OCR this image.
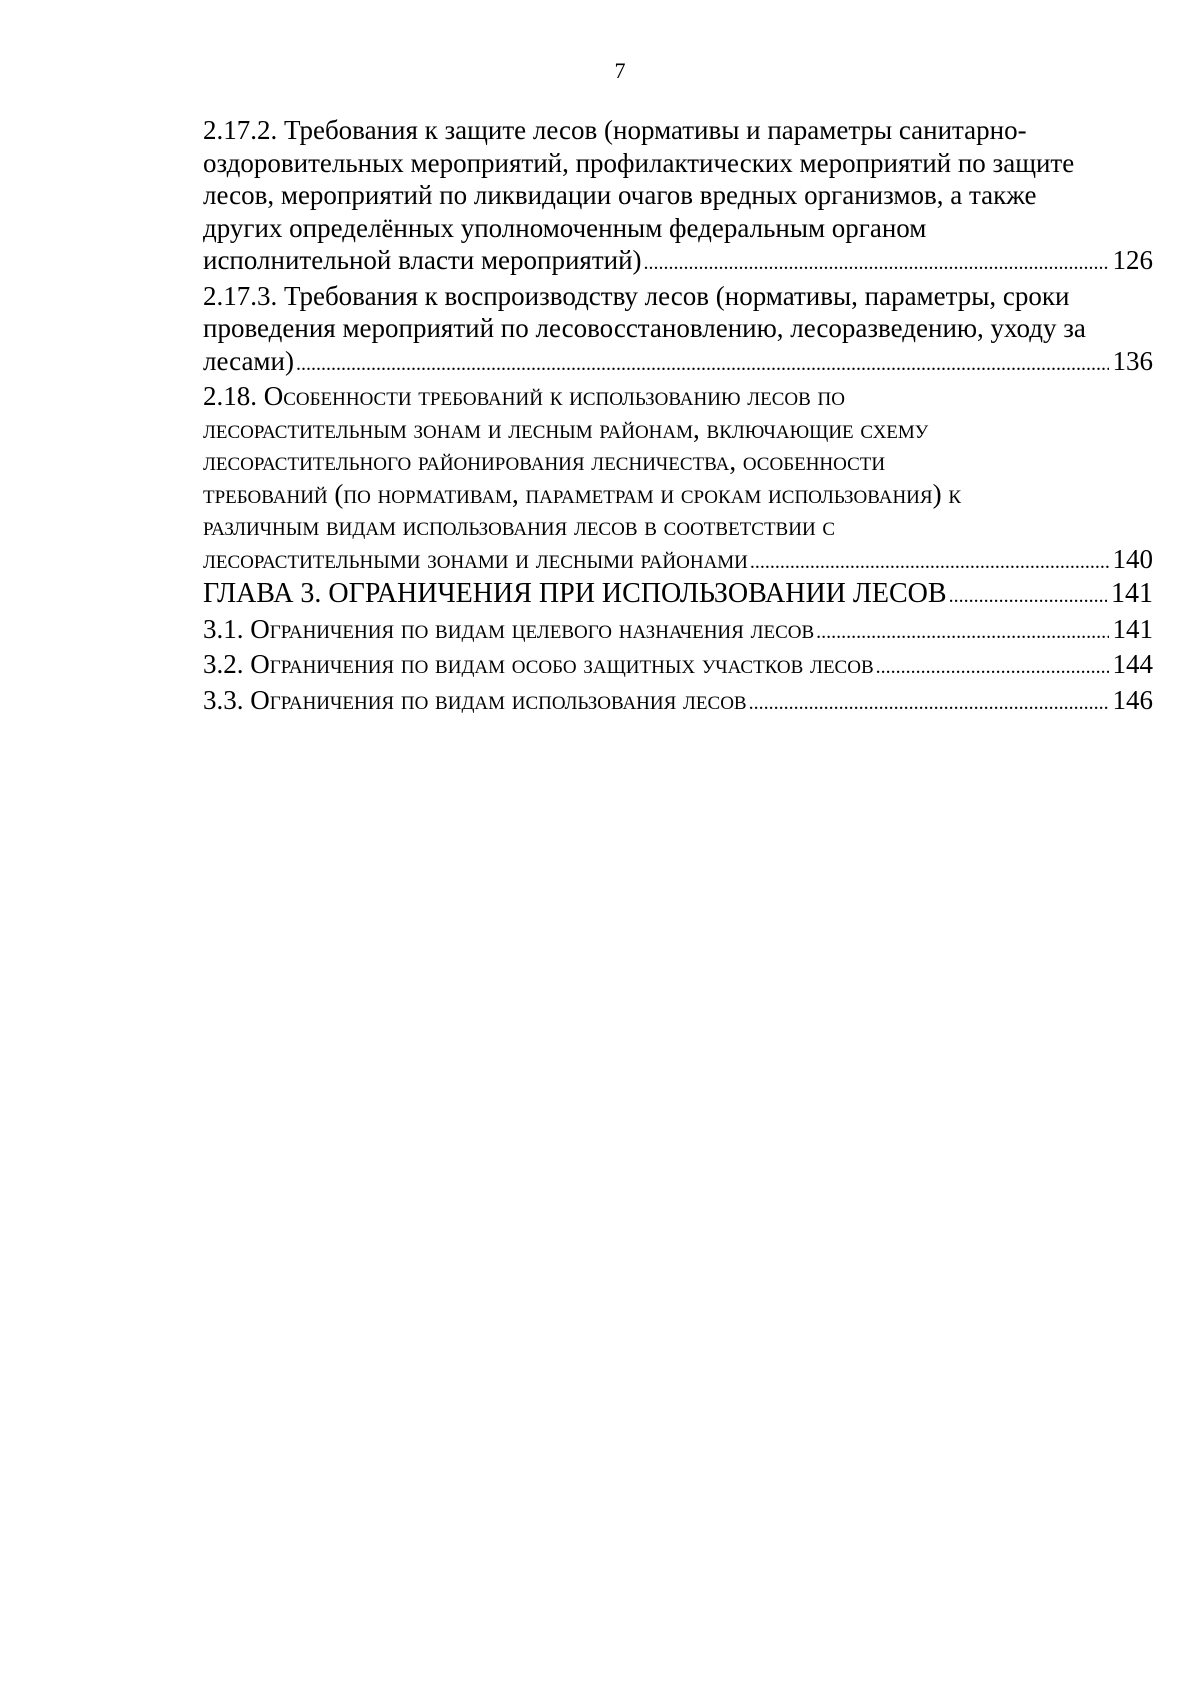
7
2.17.2. Требования к защите лесов (нормативы и параметры санитарно-
оздоровительных мероприятий, профилактических мероприятий по защите
лесов, мероприятий по ликвидации очагов вредных организмов, а также
других определённых уполномоченным федеральным органом
исполнительной власти мероприятий) .....	126
2.17.3. Требования к воспроизводству лесов (нормативы, параметры, сроки
проведения мероприятий по лесовосстановлению, лесоразведению, уходу за
лесами) .....	136
2.18. Особенности требований к использованию лесов по
лесорастительным зонам и лесным районам, включающие схему
лесорастительного районирования лесничества, особенности
требований (по нормативам, параметрам и срокам использования) к
различным видам использования лесов в соответствии с
лесорастительными зонами и лесными районами .....	140
ГЛАВА 3. ОГРАНИЧЕНИЯ ПРИ ИСПОЛЬЗОВАНИИ ЛЕСОВ .....	141
3.1. Ограничения по видам целевого назначения лесов .....	141
3.2. Ограничения по видам особо защитных участков лесов .....	144
3.3. Ограничения по видам использования лесов .....	146
